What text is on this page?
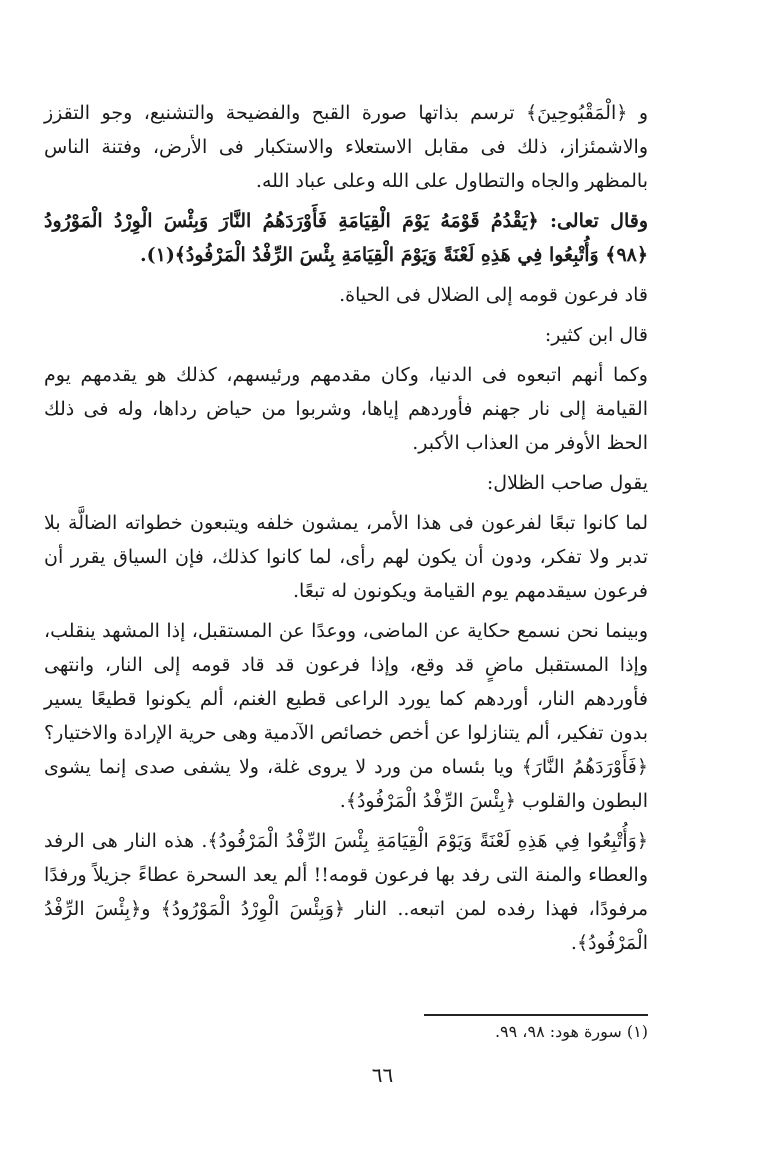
و ﴿الْمَقْبُوحِينَ﴾ ترسم بذاتها صورة القبح والفضيحة والتشنيع، وجو التقزز والاشمئزاز، ذلك فى مقابل الاستعلاء والاستكبار فى الأرض، وفتنة الناس بالمظهر والجاه والتطاول على الله وعلى عباد الله.

وقال تعالى: ﴿يَقْدُمُ قَوْمَهُ يَوْمَ الْقِيَامَةِ فَأَوْرَدَهُمُ النَّارَ وَبِئْسَ الْوِرْدُ الْمَوْرُودُ ﴿٩٨﴾ وَأُتْبِعُوا فِي هَذِهِ لَعْنَةً وَيَوْمَ الْقِيَامَةِ بِئْسَ الرِّفْدُ الْمَرْفُودُ﴾(١).

قاد فرعون قومه إلى الضلال فى الحياة.

قال ابن كثير:

وكما أنهم اتبعوه فى الدنيا، وكان مقدمهم ورئيسهم، كذلك هو يقدمهم يوم القيامة إلى نار جهنم فأوردهم إياها، وشربوا من حياض رداها، وله فى ذلك الحظ الأوفر من العذاب الأكبر.

يقول صاحب الظلال:

لما كانوا تبعًا لفرعون فى هذا الأمر، يمشون خلفه ويتبعون خطواته الضالَّة بلا تدبر ولا تفكر، ودون أن يكون لهم رأى، لما كانوا كذلك، فإن السياق يقرر أن فرعون سيقدمهم يوم القيامة ويكونون له تبعًا.

وبينما نحن نسمع حكاية عن الماضى، ووعدًا عن المستقبل، إذا المشهد ينقلب، وإذا المستقبل ماضٍ قد وقع، وإذا فرعون قد قاد قومه إلى النار، وانتهى فأوردهم النار، أوردهم كما يورد الراعى قطيع الغنم، ألم يكونوا قطيعًا يسير بدون تفكير، ألم يتنازلوا عن أخص خصائص الآدمية وهى حرية الإرادة والاختيار؟ ﴿فَأَوْرَدَهُمُ النَّارَ﴾ ويا بئساه من ورد لا يروى غلة، ولا يشفى صدى إنما يشوى البطون والقلوب ﴿بِئْسَ الرِّفْدُ الْمَرْفُودُ﴾.

﴿وَأُتْبِعُوا فِي هَذِهِ لَعْنَةً وَيَوْمَ الْقِيَامَةِ بِئْسَ الرِّفْدُ الْمَرْفُودُ﴾. هذه النار هى الرفد والعطاء والمنة التى رفد بها فرعون قومه!! ألم يعد السحرة عطاءً جزيلاً ورفدًا مرفودًا، فهذا رفده لمن اتبعه.. النار ﴿وَبِئْسَ الْوِرْدُ الْمَوْرُودُ﴾ و﴿بِئْسَ الرِّفْدُ الْمَرْفُودُ﴾.

(١) سورة هود: ٩٨، ٩٩.
٦٦
